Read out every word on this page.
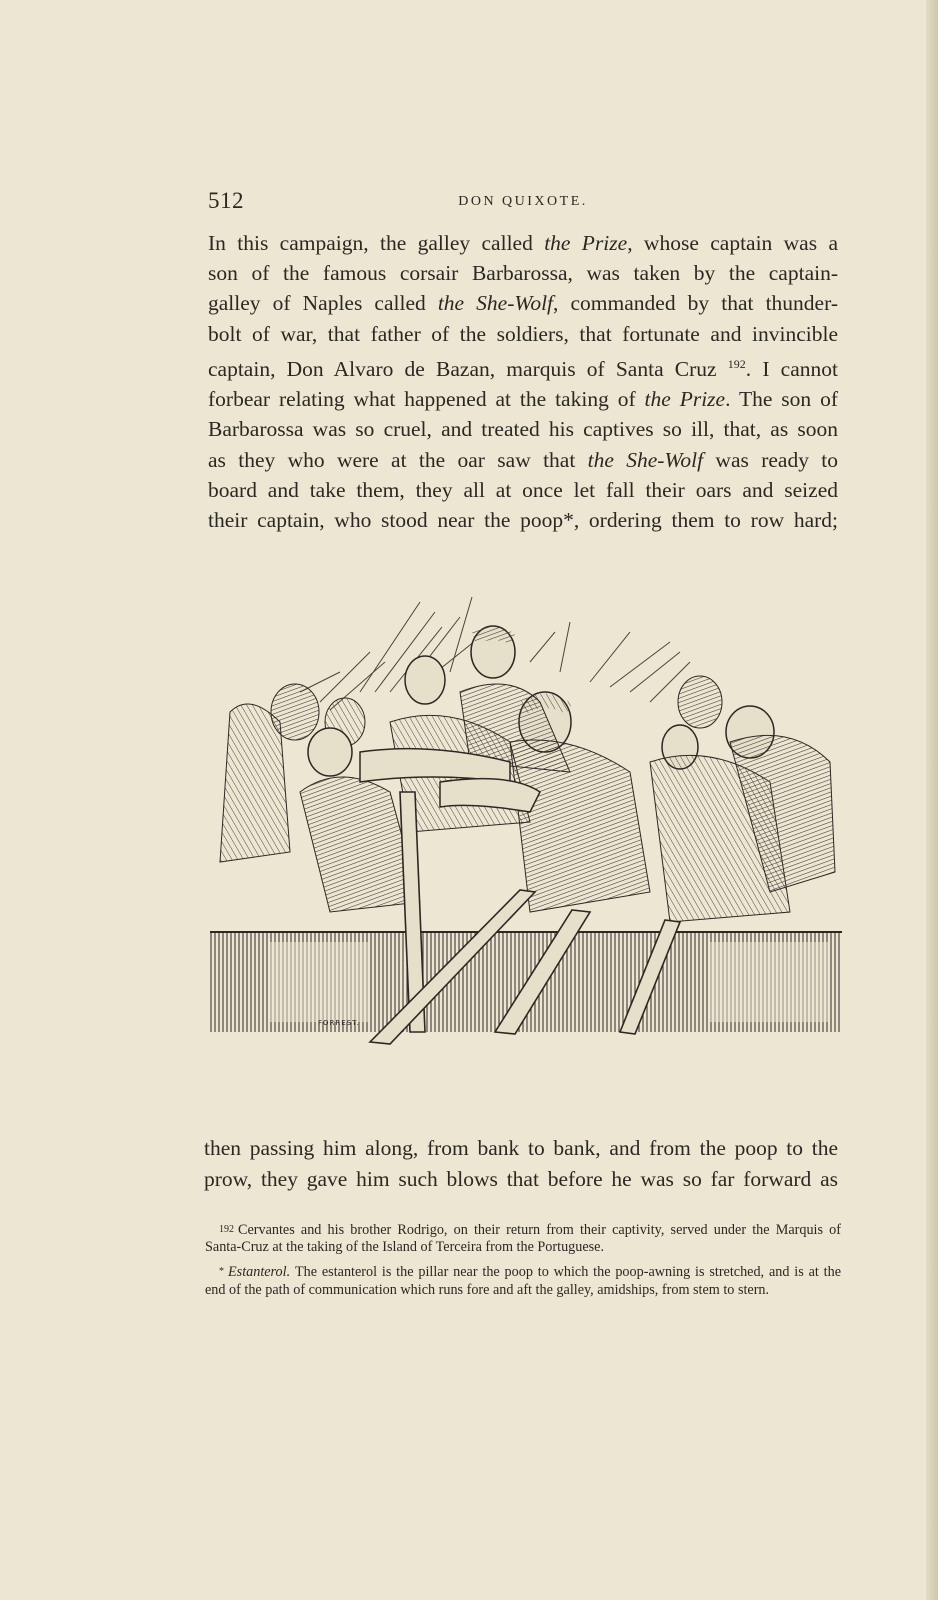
512	DON QUIXOTE.

In this campaign, the galley called the Prize, whose captain was a
son of the famous corsair Barbarossa, was taken by the captain-
galley of Naples called the She-Wolf, commanded by that thunder-
bolt of war, that father of the soldiers, that fortunate and invincible
captain, Don Alvaro de Bazan, marquis of Santa Cruz $^{192}$. I cannot
forbear relating what happened at the taking of the Prize. The son of
Barbarossa was so cruel, and treated his captives so ill, that, as soon
as they who were at the oar saw that the She-Wolf was ready to
board and take them, they all at once let fall their oars and seized
their captain, who stood near the poop*, ordering them to row hard;

FORREST.

then passing him along, from bank to bank, and from the poop to the
prow, they gave him such blows that before he was so far forward as

$^{192}$ Cervantes and his brother Rodrigo, on their return from their captivity, served under the Marquis of Santa-Cruz at the taking of the Island of Terceira from the Portuguese.

* Estanterol. The estanterol is the pillar near the poop to which the poop-awning is stretched, and is at the end of the path of communication which runs fore and aft the galley, amidships, from stem to stern.
